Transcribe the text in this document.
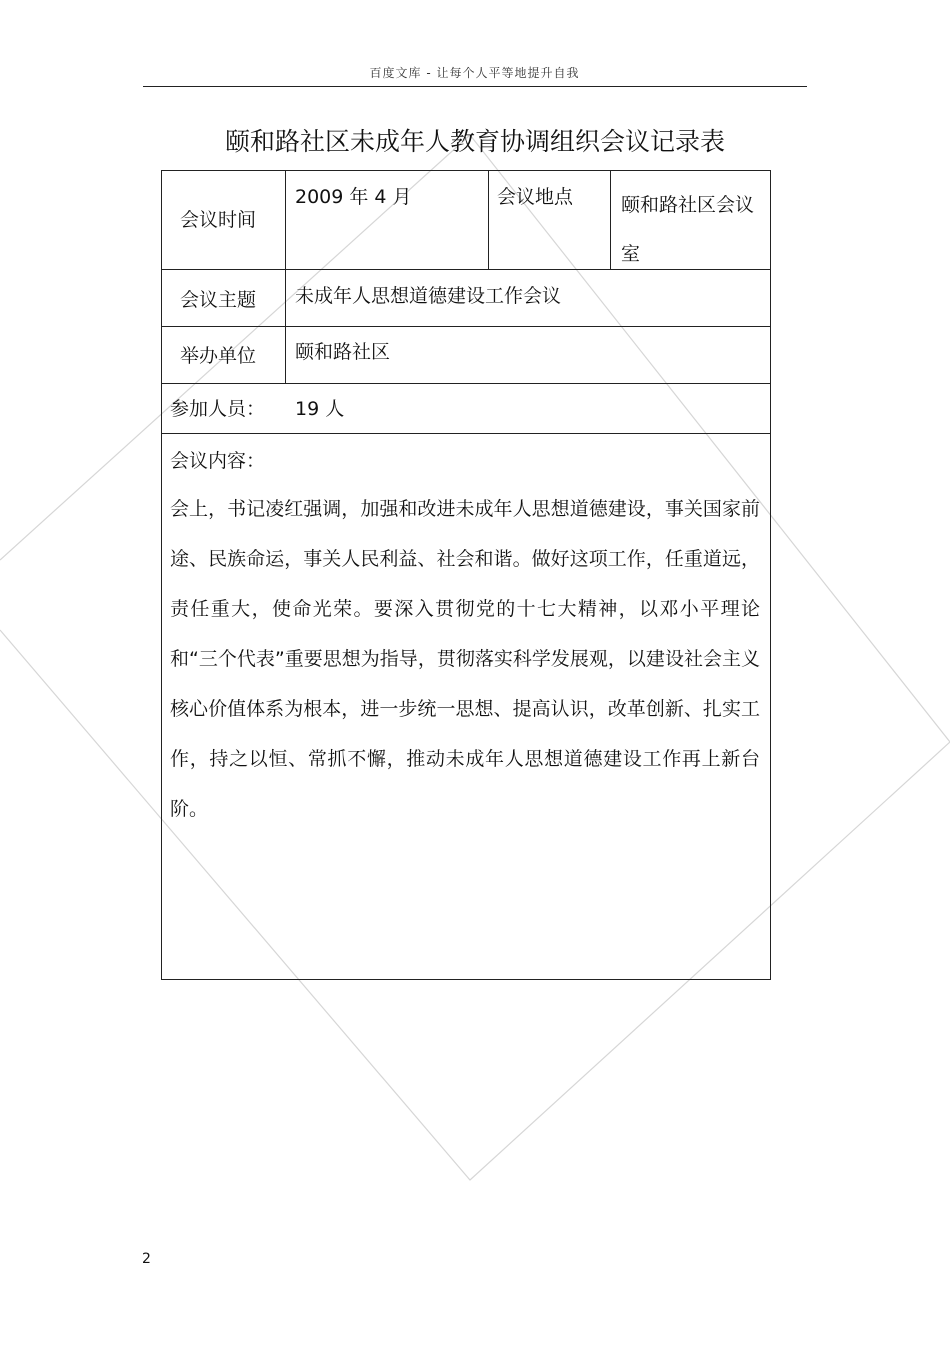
百度文库 - 让每个人平等地提升自我
颐和路社区未成年人教育协调组织会议记录表
会议时间
2009 年 4 月	会议地点	颐和路社区会议室
会议主题 未成年人思想道德建设工作会议
举办单位 颐和路社区
参加人员： 19 人
会议内容：
会上，书记凌红强调，加强和改进未成年人思想道德建设，事关国家前途、民族命运，事关人民利益、社会和谐。做好这项工作，任重道远，责任重大，使命光荣。要深入贯彻党的十七大精神，以邓小平理论和“三个代表”重要思想为指导，贯彻落实科学发展观，以建设社会主义核心价值体系为根本，进一步统一思想、提高认识，改革创新、扎实工作，持之以恒、常抓不懈，推动未成年人思想道德建设工作再上新台阶。
2
